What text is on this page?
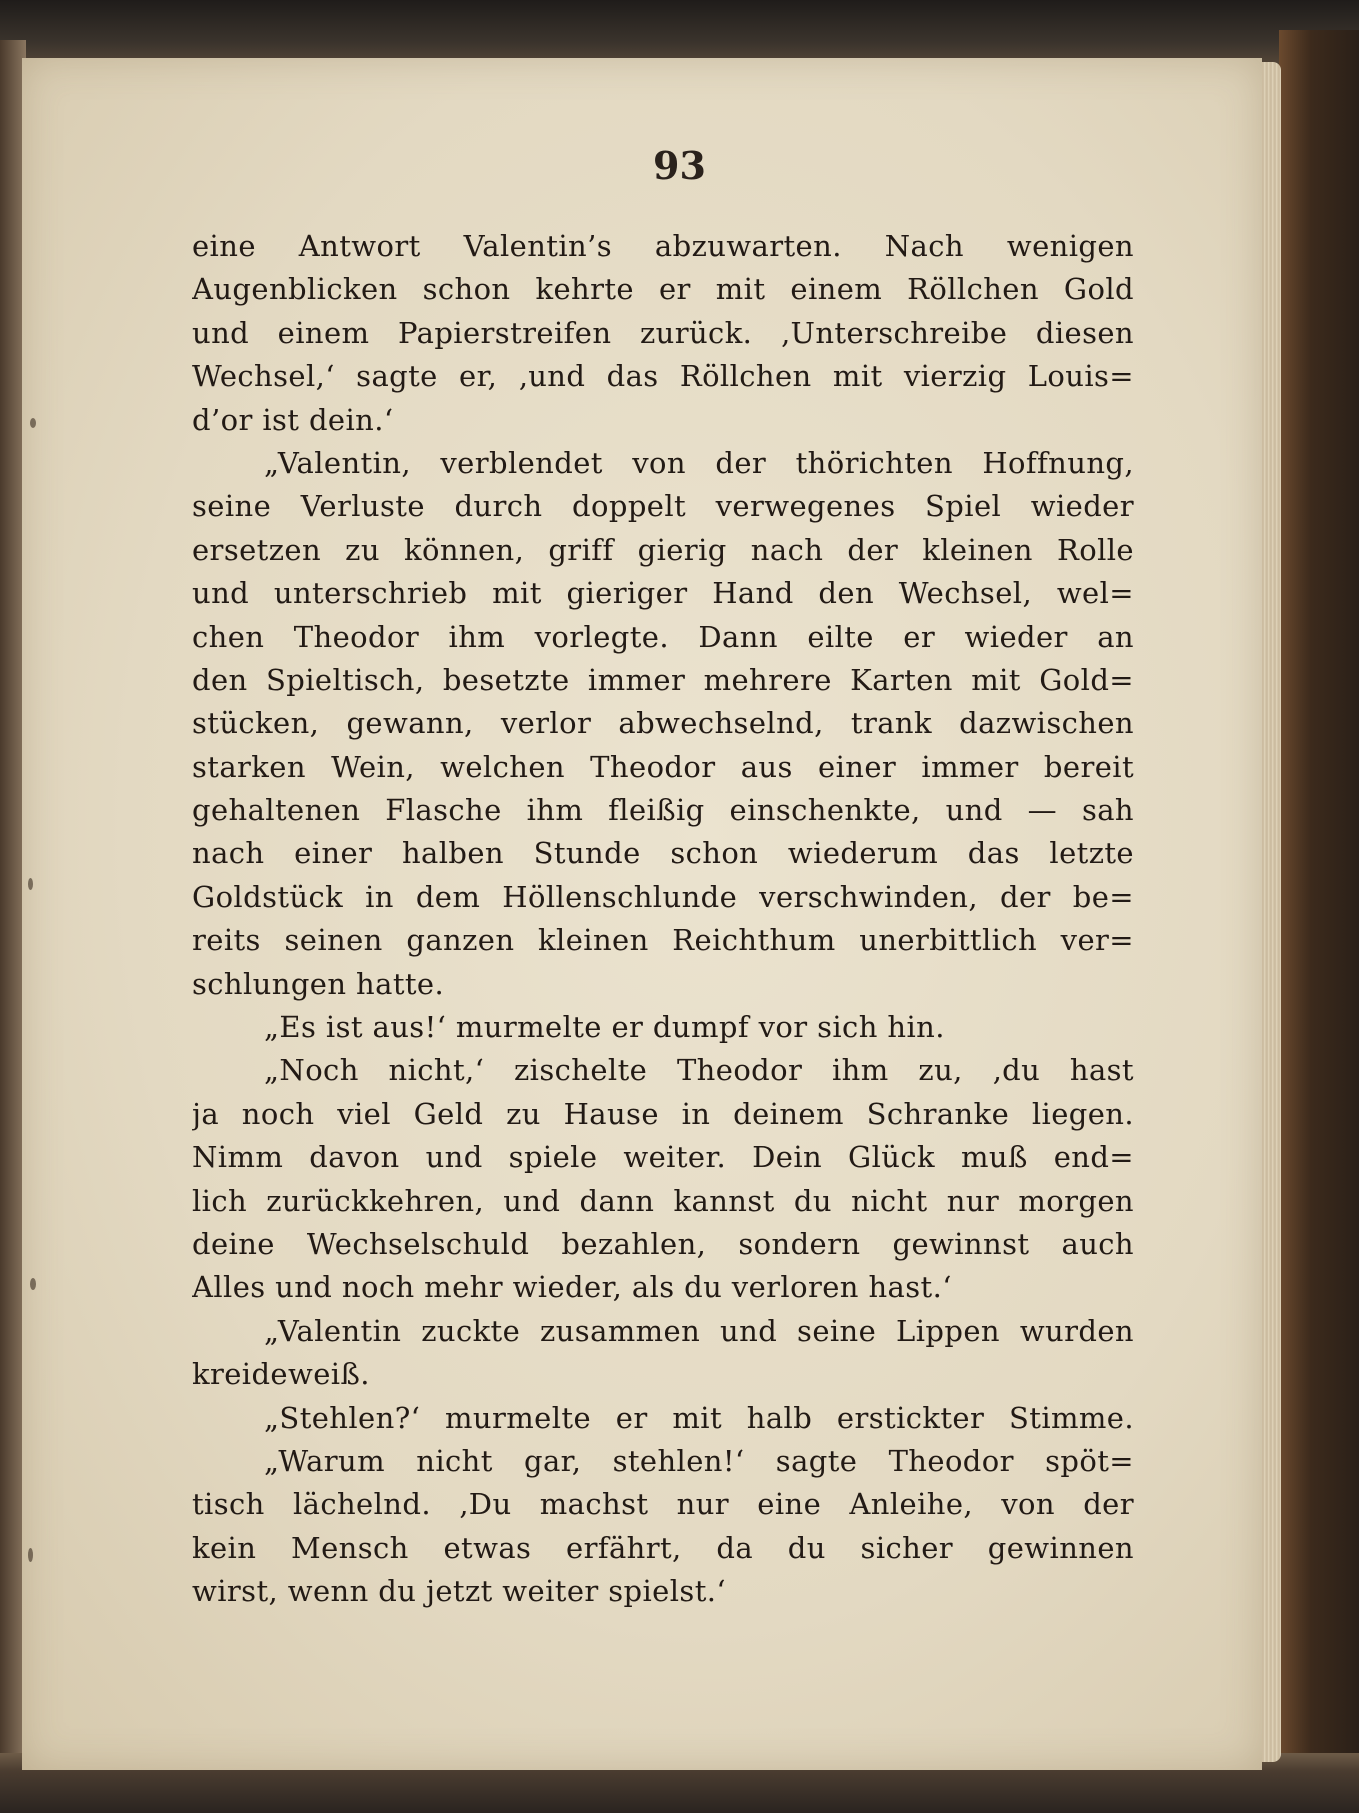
93
eine Antwort Valentin’s abzuwarten. Nach wenigen
Augenblicken schon kehrte er mit einem Röllchen Gold
und einem Papierstreifen zurück. ‚Unterschreibe diesen
Wechsel,‘ sagte er, ‚und das Röllchen mit vierzig Louis=
d’or ist dein.‘
„Valentin, verblendet von der thörichten Hoffnung,
seine Verluste durch doppelt verwegenes Spiel wieder
ersetzen zu können, griff gierig nach der kleinen Rolle
und unterschrieb mit gieriger Hand den Wechsel, wel=
chen Theodor ihm vorlegte. Dann eilte er wieder an
den Spieltisch, besetzte immer mehrere Karten mit Gold=
stücken, gewann, verlor abwechselnd, trank dazwischen
starken Wein, welchen Theodor aus einer immer bereit
gehaltenen Flasche ihm fleißig einschenkte, und — sah
nach einer halben Stunde schon wiederum das letzte
Goldstück in dem Höllenschlunde verschwinden, der be=
reits seinen ganzen kleinen Reichthum unerbittlich ver=
schlungen hatte.
„Es ist aus!‘ murmelte er dumpf vor sich hin.
„Noch nicht,‘ zischelte Theodor ihm zu, ‚du hast
ja noch viel Geld zu Hause in deinem Schranke liegen.
Nimm davon und spiele weiter. Dein Glück muß end=
lich zurückkehren, und dann kannst du nicht nur morgen
deine Wechselschuld bezahlen, sondern gewinnst auch
Alles und noch mehr wieder, als du verloren hast.‘
„Valentin zuckte zusammen und seine Lippen wurden
kreideweiß.
„Stehlen?‘ murmelte er mit halb erstickter Stimme.
„Warum nicht gar, stehlen!‘ sagte Theodor spöt=
tisch lächelnd. ‚Du machst nur eine Anleihe, von der
kein Mensch etwas erfährt, da du sicher gewinnen
wirst, wenn du jetzt weiter spielst.‘
